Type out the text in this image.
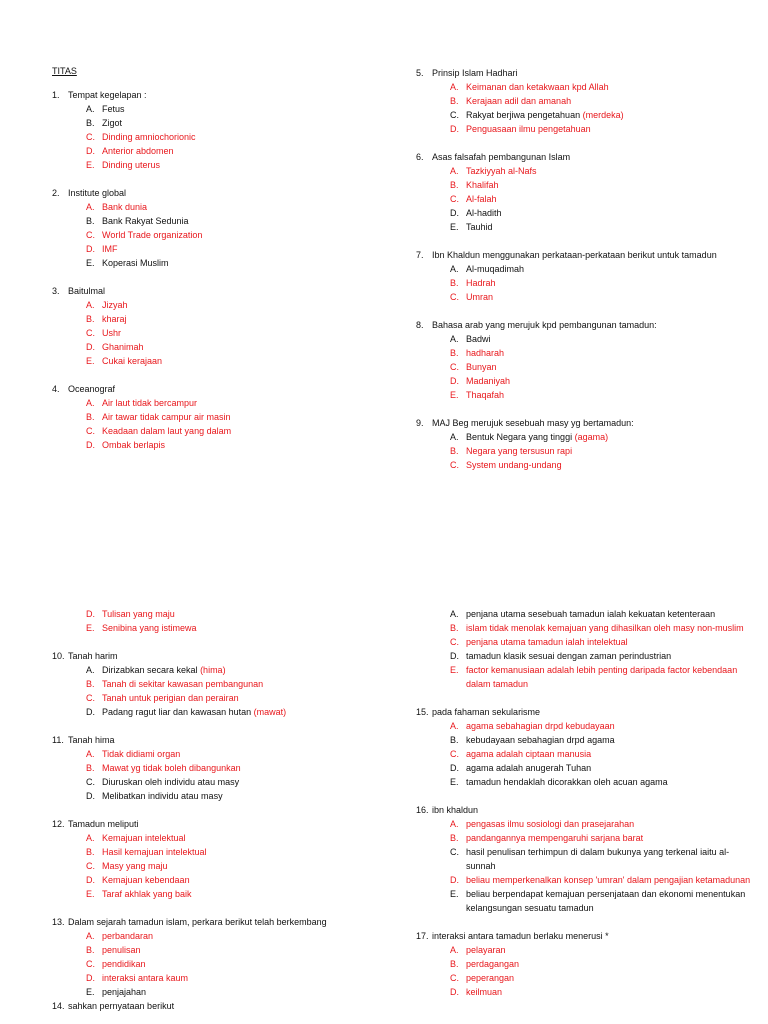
TITAS
1. Tempat kegelapan :
A. Fetus
B. Zigot
C. Dinding amniochorionic
D. Anterior abdomen
E. Dinding uterus
2. Institute global
A. Bank dunia
B. Bank Rakyat Sedunia
C. World Trade organization
D. IMF
E. Koperasi Muslim
3. Baitulmal
A. Jizyah
B. kharaj
C. Ushr
D. Ghanimah
E. Cukai kerajaan
4. Oceanograf
A. Air laut tidak bercampur
B. Air tawar tidak campur air masin
C. Keadaan dalam laut yang dalam
D. Ombak berlapis
5. Prinsip Islam Hadhari
A. Keimanan dan ketakwaan kpd Allah
B. Kerajaan adil dan amanah
C. Rakyat berjiwa pengetahuan (merdeka)
D. Penguasaan ilmu pengetahuan
6. Asas falsafah pembangunan Islam
A. Tazkiyyah al-Nafs
B. Khalifah
C. Al-falah
D. Al-hadith
E. Tauhid
7. Ibn Khaldun menggunakan perkataan-perkataan berikut untuk tamadun
A. Al-muqadimah
B. Hadrah
C. Umran
8. Bahasa arab yang merujuk kpd pembangunan tamadun:
A. Badwi
B. hadharah
C. Bunyan
D. Madaniyah
E. Thaqafah
9. MAJ Beg merujuk sesebuah masy yg bertamadun:
A. Bentuk Negara yang tinggi (agama)
B. Negara yang tersusun rapi
C. System undang-undang
D. Tulisan yang maju
E. Senibina yang istimewa
10. Tanah harim
A. Dirizabkan secara kekal (hima)
B. Tanah di sekitar kawasan pembangunan
C. Tanah untuk perigian dan perairan
D. Padang ragut liar dan kawasan hutan (mawat)
11. Tanah hima
A. Tidak didiami organ
B. Mawat yg tidak boleh dibangunkan
C. Diuruskan oleh individu atau masy
D. Melibatkan individu atau masy
12. Tamadun meliputi
A. Kemajuan intelektual
B. Hasil kemajuan intelektual
C. Masy yang maju
D. Kemajuan kebendaan
E. Taraf akhlak yang baik
13. Dalam sejarah tamadun islam, perkara berikut telah berkembang
A. perbandaran
B. penulisan
C. pendidikan
D. interaksi antara kaum
E. penjajahan
14. sahkan pernyataan berikut
A. penjana utama sesebuah tamadun ialah kekuatan ketenteraan
B. islam tidak menolak kemajuan yang dihasilkan oleh masy non-muslim
C. penjana utama tamadun ialah intelektual
D. tamadun klasik sesuai dengan zaman perindustrian
E. factor kemanusiaan adalah lebih penting daripada factor kebendaan dalam tamadun
15. pada fahaman sekularisme
A. agama sebahagian drpd kebudayaan
B. kebudayaan sebahagian drpd agama
C. agama adalah ciptaan manusia
D. agama adalah anugerah Tuhan
E. tamadun hendaklah dicorakkan oleh acuan agama
16. ibn khaldun
A. pengasas ilmu sosiologi dan prasejarahan
B. pandangannya mempengaruhi sarjana barat
C. hasil penulisan terhimpun di dalam bukunya yang terkenal iaitu al-sunnah
D. beliau memperkenalkan konsep 'umran' dalam pengajian ketamadunan
E. beliau berpendapat kemajuan persenjataan dan ekonomi menentukan kelangsungan sesuatu tamadun
17. interaksi antara tamadun berlaku menerusi *
A. pelayaran
B. perdagangan
C. peperangan
D. keilmuan
